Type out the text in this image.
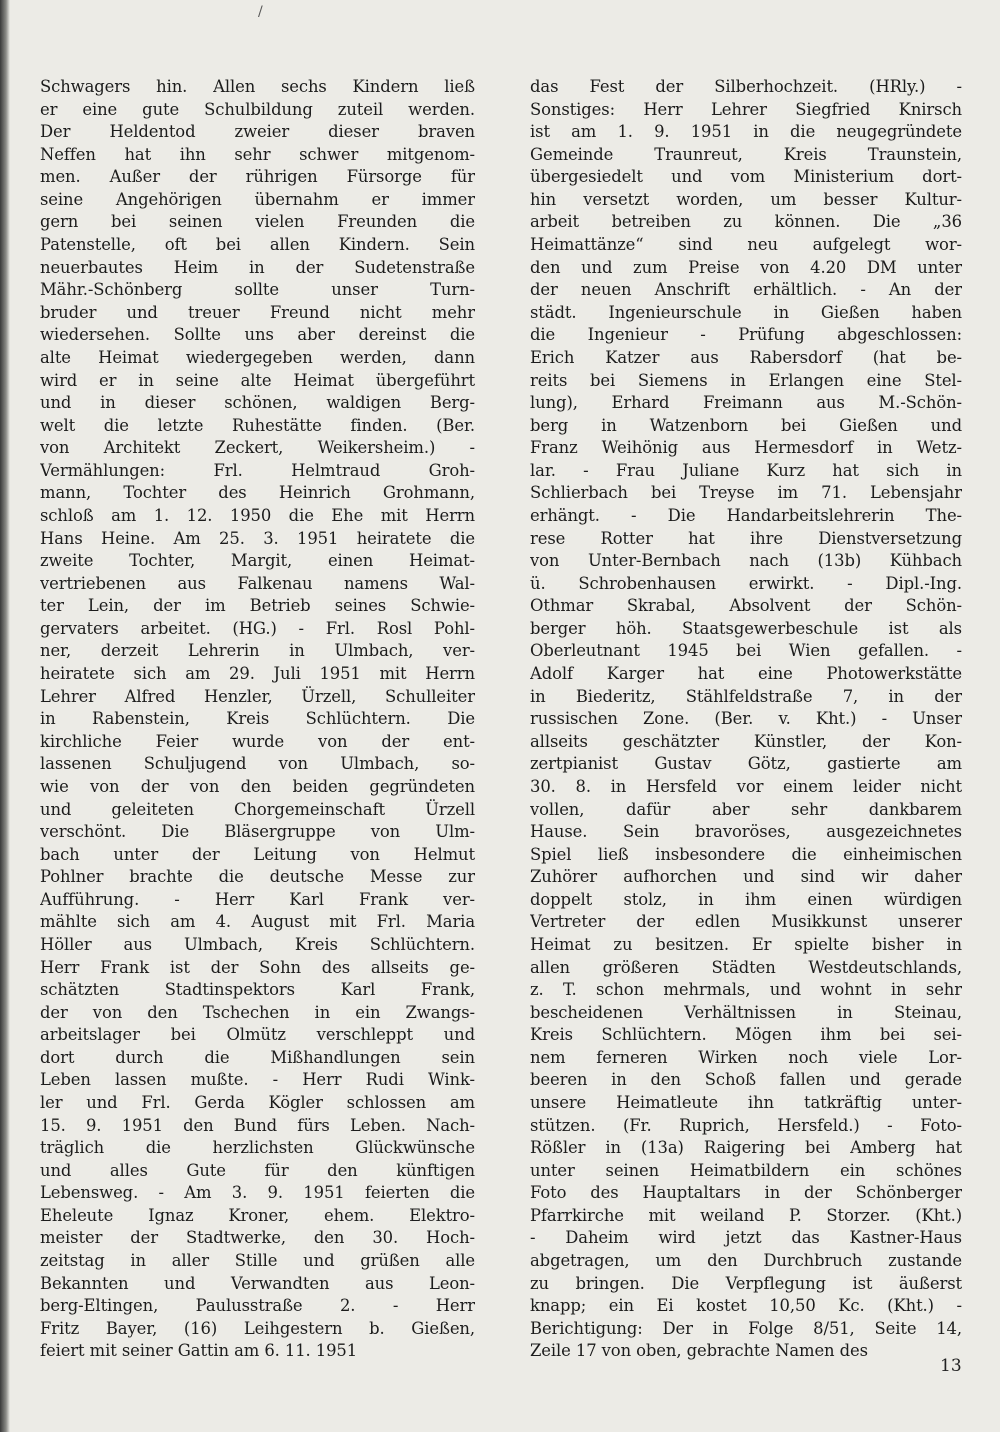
/
Schwagers hin. Allen sechs Kindern ließ
er eine gute Schulbildung zuteil werden.
Der Heldentod zweier dieser braven
Neffen hat ihn sehr schwer mitgenom-
men. Außer der rührigen Fürsorge für
seine Angehörigen übernahm er immer
gern bei seinen vielen Freunden die
Patenstelle, oft bei allen Kindern. Sein
neuerbautes Heim in der Sudetenstraße
Mähr.-Schönberg sollte unser Turn-
bruder und treuer Freund nicht mehr
wiedersehen. Sollte uns aber dereinst die
alte Heimat wiedergegeben werden, dann
wird er in seine alte Heimat übergeführt
und in dieser schönen, waldigen Berg-
welt die letzte Ruhestätte finden. (Ber.
von Architekt Zeckert, Weikersheim.) -
Vermählungen: Frl. Helmtraud Groh-
mann, Tochter des Heinrich Grohmann,
schloß am 1. 12. 1950 die Ehe mit Herrn
Hans Heine. Am 25. 3. 1951 heiratete die
zweite Tochter, Margit, einen Heimat-
vertriebenen aus Falkenau namens Wal-
ter Lein, der im Betrieb seines Schwie-
gervaters arbeitet. (HG.) - Frl. Rosl Pohl-
ner, derzeit Lehrerin in Ulmbach, ver-
heiratete sich am 29. Juli 1951 mit Herrn
Lehrer Alfred Henzler, Ürzell, Schulleiter
in Rabenstein, Kreis Schlüchtern. Die
kirchliche Feier wurde von der ent-
lassenen Schuljugend von Ulmbach, so-
wie von der von den beiden gegründeten
und geleiteten Chorgemeinschaft Ürzell
verschönt. Die Bläsergruppe von Ulm-
bach unter der Leitung von Helmut
Pohlner brachte die deutsche Messe zur
Aufführung. - Herr Karl Frank ver-
mählte sich am 4. August mit Frl. Maria
Höller aus Ulmbach, Kreis Schlüchtern.
Herr Frank ist der Sohn des allseits ge-
schätzten Stadtinspektors Karl Frank,
der von den Tschechen in ein Zwangs-
arbeitslager bei Olmütz verschleppt und
dort durch die Mißhandlungen sein
Leben lassen mußte. - Herr Rudi Wink-
ler und Frl. Gerda Kögler schlossen am
15. 9. 1951 den Bund fürs Leben. Nach-
träglich die herzlichsten Glückwünsche
und alles Gute für den künftigen
Lebensweg. - Am 3. 9. 1951 feierten die
Eheleute Ignaz Kroner, ehem. Elektro-
meister der Stadtwerke, den 30. Hoch-
zeitstag in aller Stille und grüßen alle
Bekannten und Verwandten aus Leon-
berg-Eltingen, Paulusstraße 2. - Herr
Fritz Bayer, (16) Leihgestern b. Gießen,
feiert mit seiner Gattin am 6. 11. 1951
das Fest der Silberhochzeit. (HRly.) -
Sonstiges: Herr Lehrer Siegfried Knirsch
ist am 1. 9. 1951 in die neugegründete
Gemeinde Traunreut, Kreis Traunstein,
übergesiedelt und vom Ministerium dort-
hin versetzt worden, um besser Kultur-
arbeit betreiben zu können. Die „36
Heimattänze“ sind neu aufgelegt wor-
den und zum Preise von 4.20 DM unter
der neuen Anschrift erhältlich. - An der
städt. Ingenieurschule in Gießen haben
die Ingenieur - Prüfung abgeschlossen:
Erich Katzer aus Rabersdorf (hat be-
reits bei Siemens in Erlangen eine Stel-
lung), Erhard Freimann aus M.-Schön-
berg in Watzenborn bei Gießen und
Franz Weihönig aus Hermesdorf in Wetz-
lar. - Frau Juliane Kurz hat sich in
Schlierbach bei Treyse im 71. Lebensjahr
erhängt. - Die Handarbeitslehrerin The-
rese Rotter hat ihre Dienstversetzung
von Unter-Bernbach nach (13b) Kühbach
ü. Schrobenhausen erwirkt. - Dipl.-Ing.
Othmar Skrabal, Absolvent der Schön-
berger höh. Staatsgewerbeschule ist als
Oberleutnant 1945 bei Wien gefallen. -
Adolf Karger hat eine Photowerkstätte
in Biederitz, Stählfeldstraße 7, in der
russischen Zone. (Ber. v. Kht.) - Unser
allseits geschätzter Künstler, der Kon-
zertpianist Gustav Götz, gastierte am
30. 8. in Hersfeld vor einem leider nicht
vollen, dafür aber sehr dankbarem
Hause. Sein bravoröses, ausgezeichnetes
Spiel ließ insbesondere die einheimischen
Zuhörer aufhorchen und sind wir daher
doppelt stolz, in ihm einen würdigen
Vertreter der edlen Musikkunst unserer
Heimat zu besitzen. Er spielte bisher in
allen größeren Städten Westdeutschlands,
z. T. schon mehrmals, und wohnt in sehr
bescheidenen Verhältnissen in Steinau,
Kreis Schlüchtern. Mögen ihm bei sei-
nem ferneren Wirken noch viele Lor-
beeren in den Schoß fallen und gerade
unsere Heimatleute ihn tatkräftig unter-
stützen. (Fr. Ruprich, Hersfeld.) - Foto-
Rößler in (13a) Raigering bei Amberg hat
unter seinen Heimatbildern ein schönes
Foto des Hauptaltars in der Schönberger
Pfarrkirche mit weiland P. Storzer. (Kht.)
- Daheim wird jetzt das Kastner-Haus
abgetragen, um den Durchbruch zustande
zu bringen. Die Verpflegung ist äußerst
knapp; ein Ei kostet 10,50 Kc. (Kht.) -
Berichtigung: Der in Folge 8/51, Seite 14,
Zeile 17 von oben, gebrachte Namen des
13
